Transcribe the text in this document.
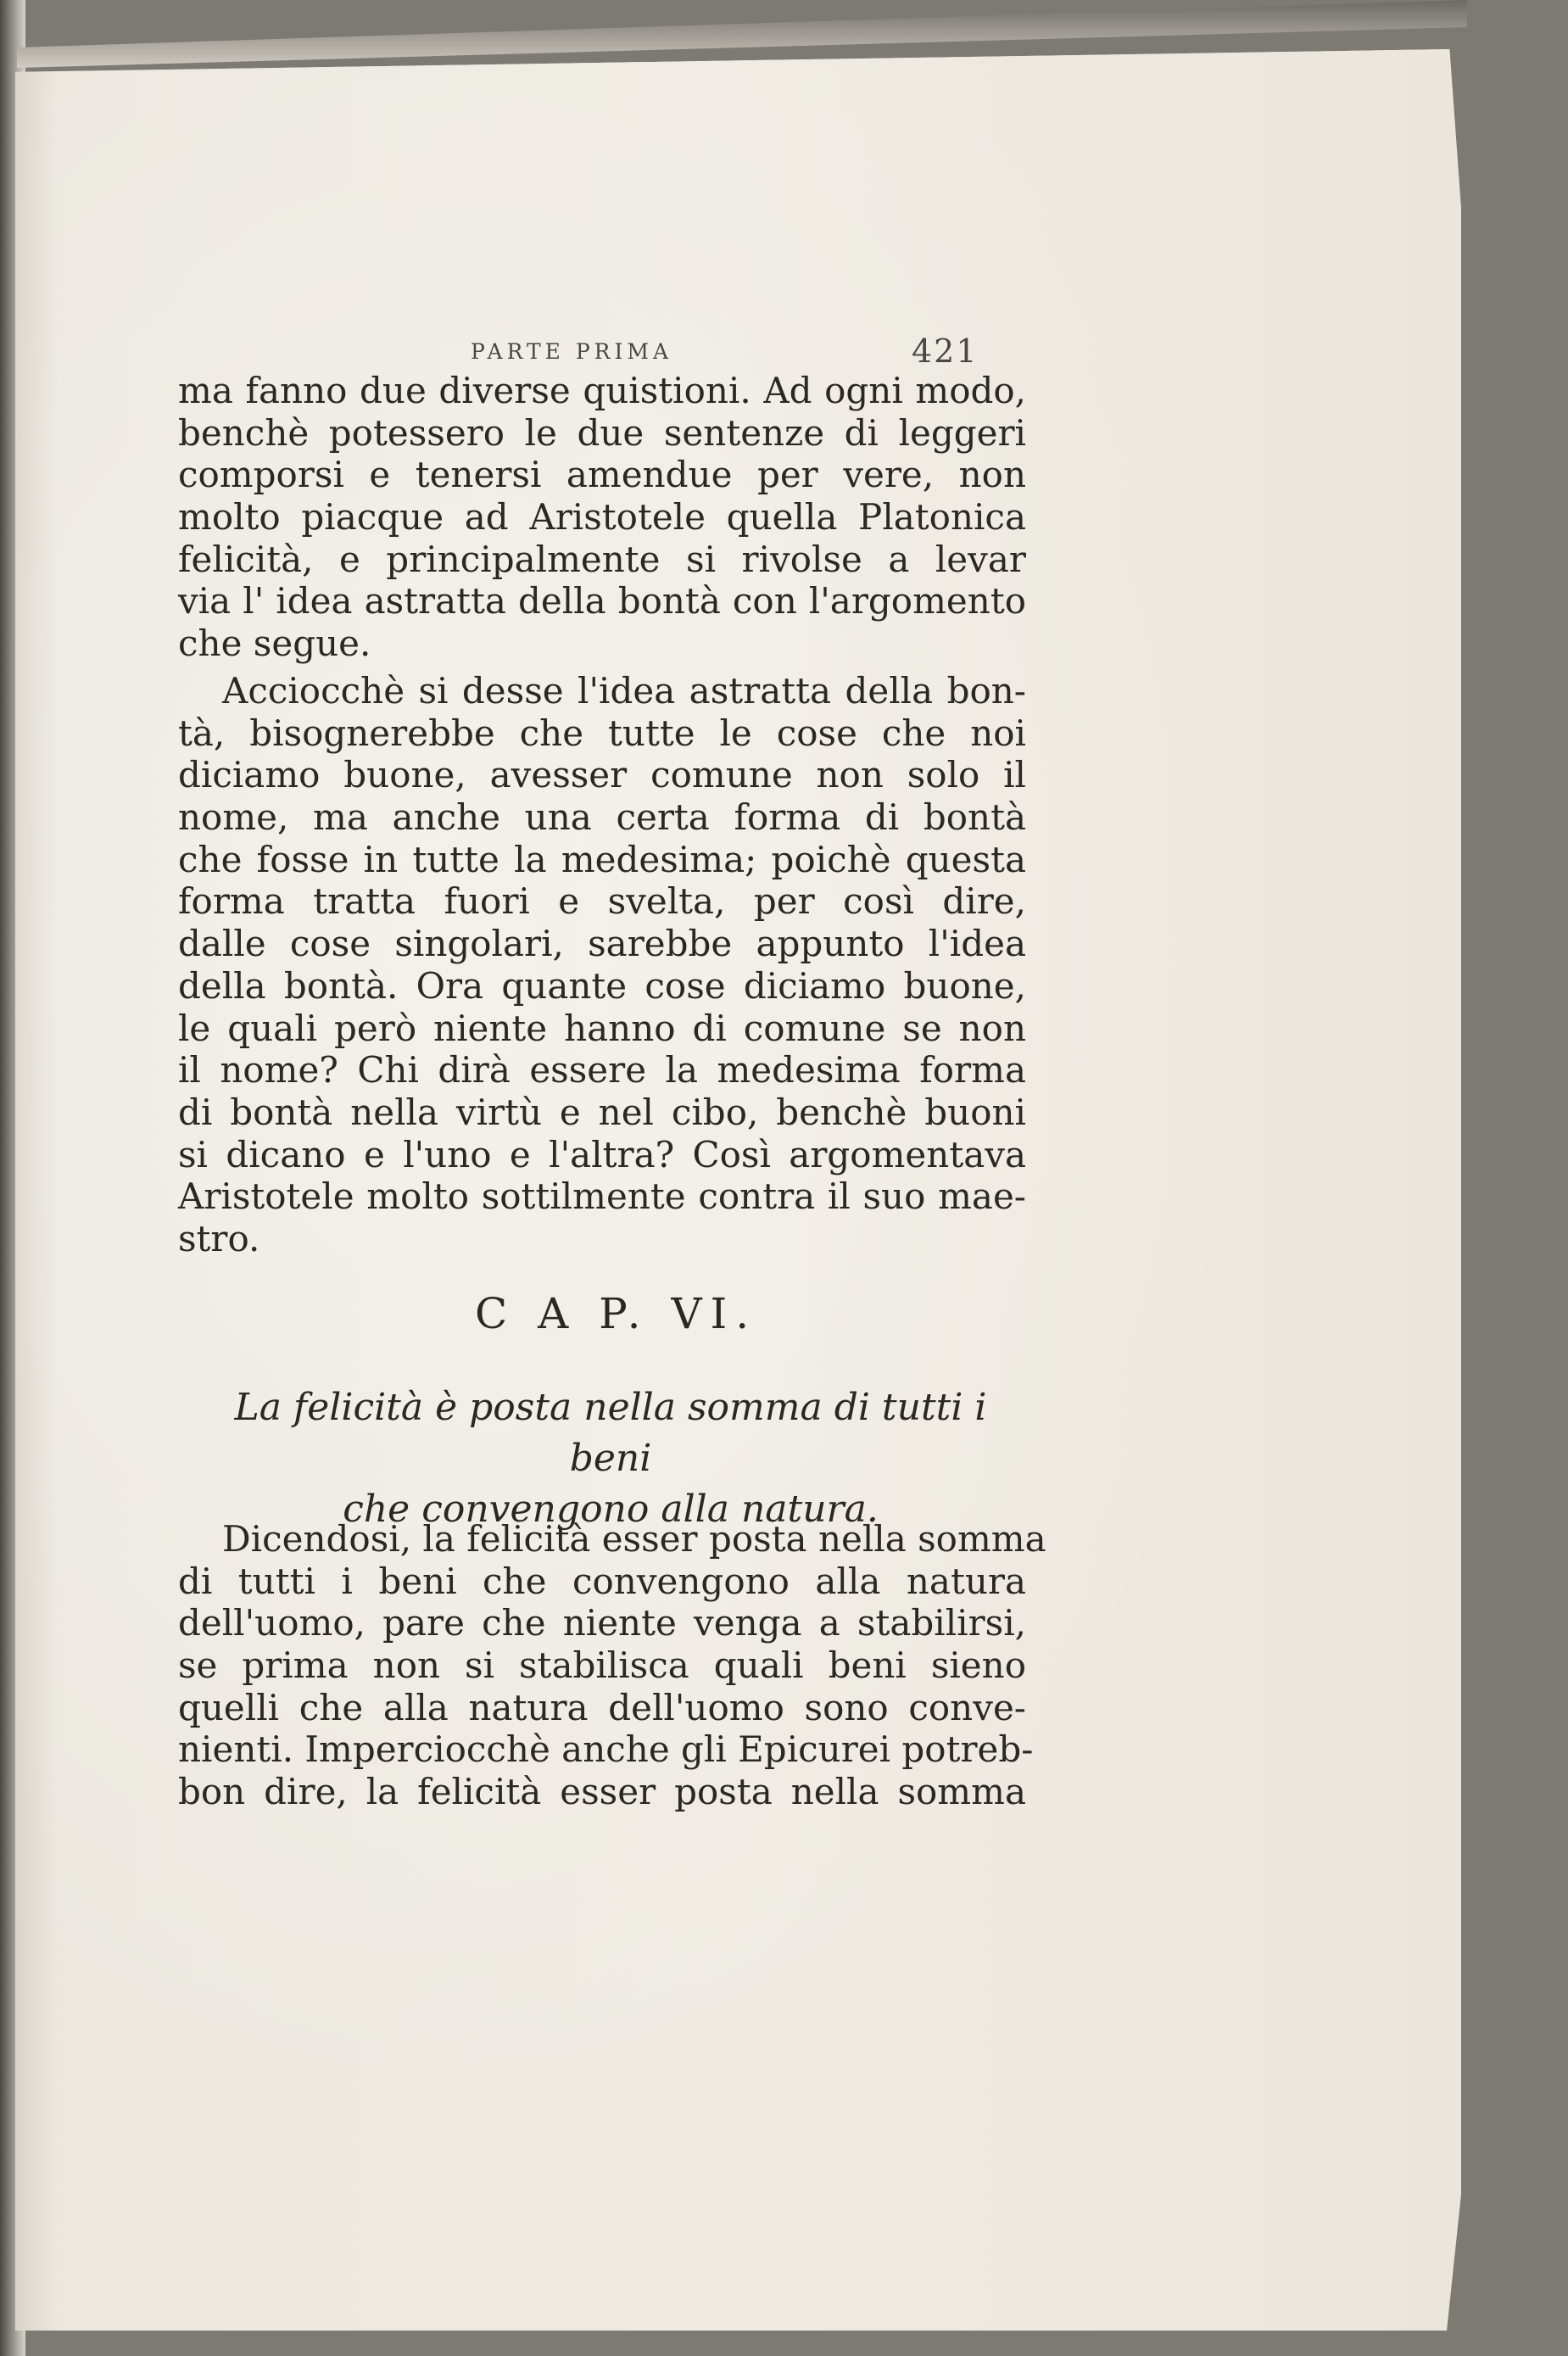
PARTE PRIMA	421
ma fanno due diverse quistioni. Ad ogni modo,
benchè potessero le due sentenze di leggeri
comporsi e tenersi amendue per vere, non
molto piacque ad Aristotele quella Platonica
felicità, e principalmente si rivolse a levar
via l' idea astratta della bontà con l'argomento
che segue.
Acciocchè si desse l'idea astratta della bon-
tà, bisognerebbe che tutte le cose che noi
diciamo buone, avesser comune non solo il
nome, ma anche una certa forma di bontà
che fosse in tutte la medesima; poichè questa
forma tratta fuori e svelta, per così dire,
dalle cose singolari, sarebbe appunto l'idea
della bontà. Ora quante cose diciamo buone,
le quali però niente hanno di comune se non
il nome? Chi dirà essere la medesima forma
di bontà nella virtù e nel cibo, benchè buoni
si dicano e l'uno e l'altra? Così argomentava
Aristotele molto sottilmente contra il suo mae-
stro.
C A P. VI.
La felicità è posta nella somma di tutti i beni
che convengono alla natura.
Dicendosi, la felicità esser posta nella somma
di tutti i beni che convengono alla natura
dell'uomo, pare che niente venga a stabilirsi,
se prima non si stabilisca quali beni sieno
quelli che alla natura dell'uomo sono conve-
nienti. Imperciocchè anche gli Epicurei potreb-
bon dire, la felicità esser posta nella somma
